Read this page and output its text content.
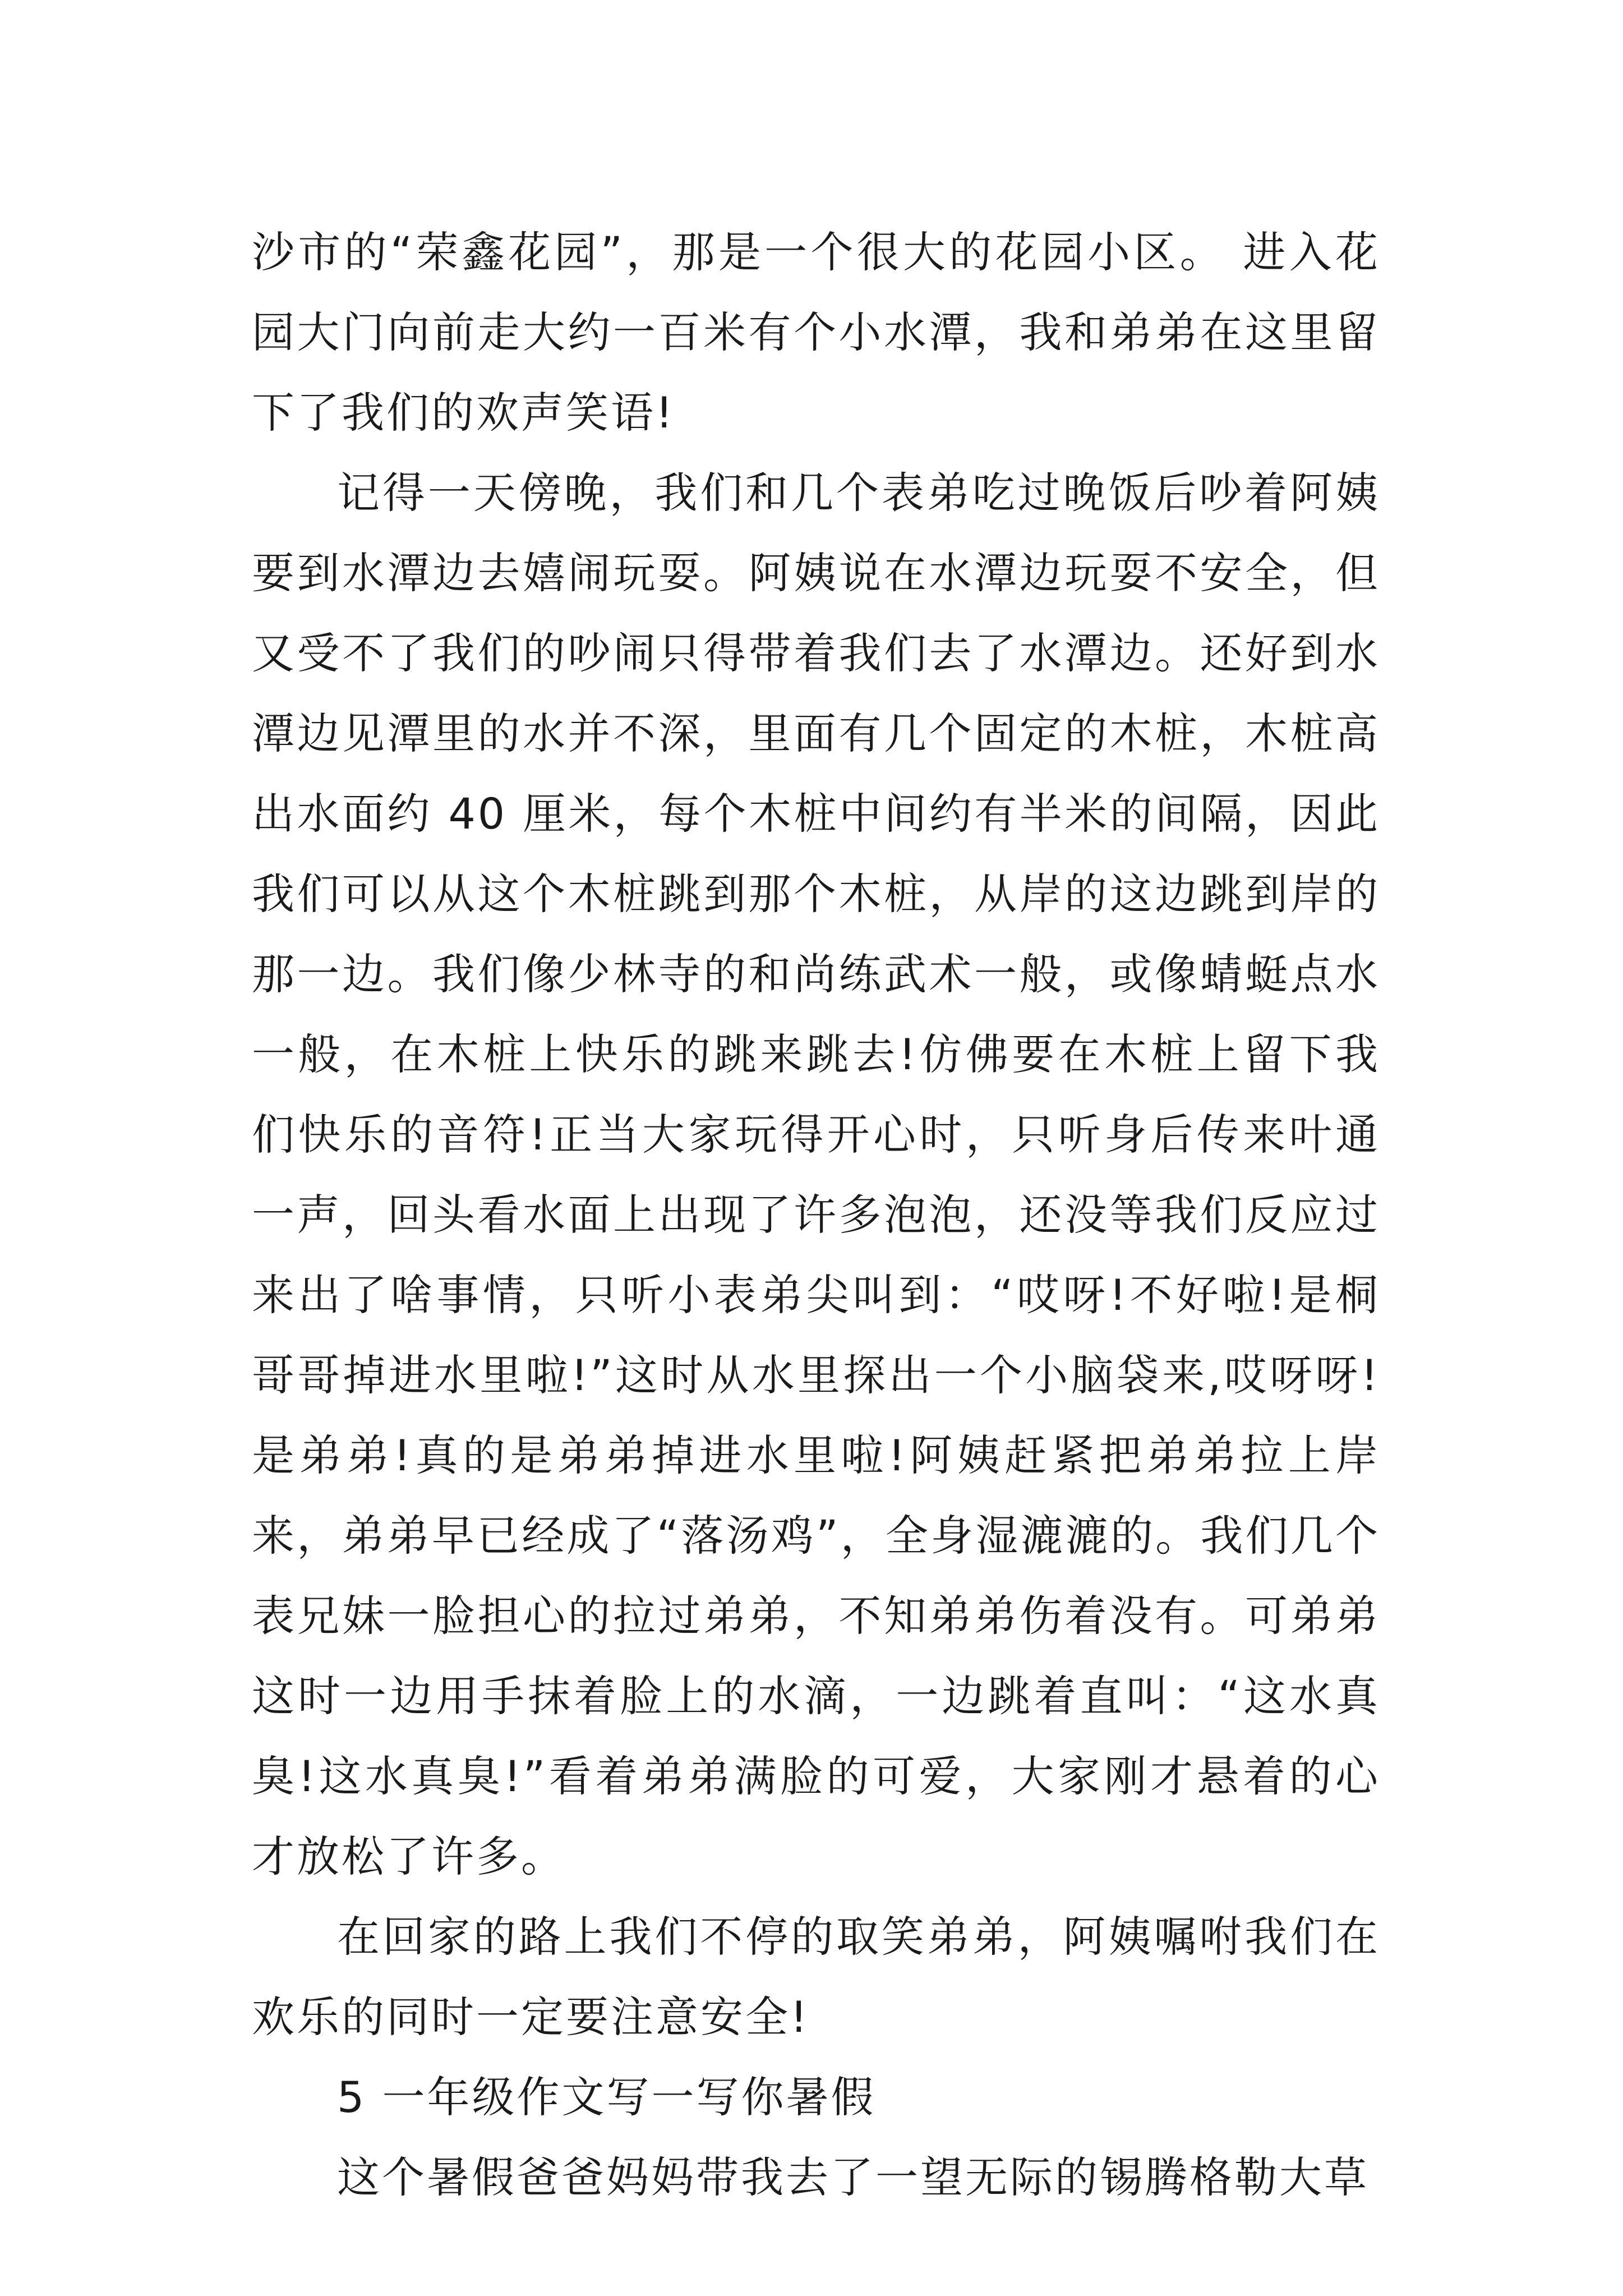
沙市的“荣鑫花园”，那是一个很大的花园小区。 进入花园大门向前走大约一百米有个小水潭，我和弟弟在这里留下了我们的欢声笑语!

记得一天傍晚，我们和几个表弟吃过晚饭后吵着阿姨要到水潭边去嬉闹玩耍。阿姨说在水潭边玩耍不安全，但又受不了我们的吵闹只得带着我们去了水潭边。还好到水潭边见潭里的水并不深，里面有几个固定的木桩，木桩高出水面约 40 厘米，每个木桩中间约有半米的间隔，因此我们可以从这个木桩跳到那个木桩，从岸的这边跳到岸的那一边。我们像少林寺的和尚练武术一般，或像蜻蜓点水一般，在木桩上快乐的跳来跳去!仿佛要在木桩上留下我们快乐的音符!正当大家玩得开心时，只听身后传来叶通一声，回头看水面上出现了许多泡泡，还没等我们反应过来出了啥事情，只听小表弟尖叫到：“哎呀!不好啦!是桐哥哥掉进水里啦!”这时从水里探出一个小脑袋来,哎呀呀!是弟弟!真的是弟弟掉进水里啦!阿姨赶紧把弟弟拉上岸来，弟弟早已经成了“落汤鸡”，全身湿漉漉的。我们几个表兄妹一脸担心的拉过弟弟，不知弟弟伤着没有。可弟弟这时一边用手抹着脸上的水滴，一边跳着直叫：“这水真臭!这水真臭!”看着弟弟满脸的可爱，大家刚才悬着的心才放松了许多。

在回家的路上我们不停的取笑弟弟，阿姨嘱咐我们在欢乐的同时一定要注意安全!

5 一年级作文写一写你暑假

这个暑假爸爸妈妈带我去了一望无际的锡腾格勒大草
